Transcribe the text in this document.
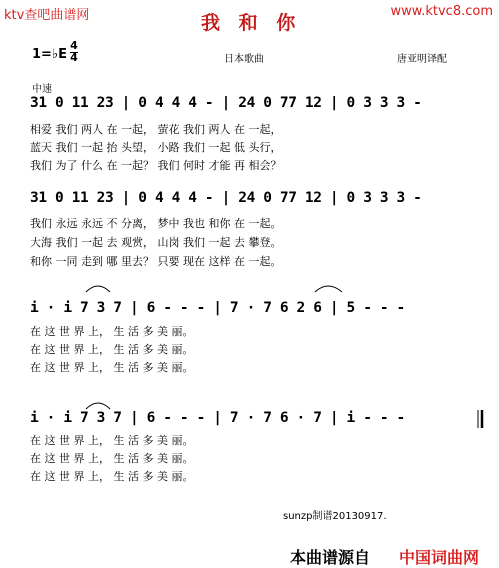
ktv查吧曲谱网	www.ktvc8.com
我 和 你
1=♭E
4
4	日本歌曲	唐亚明译配
中速
31 0 11 23 | 0 4 4 4 - | 24 0 77 12 | 0 3 3 3 -
相爱 我们 两人 在 一起， 萤花 我们 两人 在 一起，
蓝天 我们 一起 抬 头望， 小路 我们 一起 低 头行，
我们 为了 什么 在 一起？ 我们 何时 才能 再 相会？
31 0 11 23 | 0 4 4 4 - | 24 0 77 12 | 0 3 3 3 -
我们 永远 永远 不 分离， 梦中 我也 和你 在 一起。
大海 我们 一起 去 观赏， 山岗 我们 一起 去 攀登。
和你 一同 走到 哪 里去？ 只要 现在 这样 在 一起。
i · i 7 3 7 | 6 - - - | 7 · 7 6 2 6 | 5 - - -
在 这 世 界 上， 生 活 多 美 丽。
在 这 世 界 上， 生 活 多 美 丽。
在 这 世 界 上， 生 活 多 美 丽。
i · i 7 3 7 | 6 - - - | 7 · 7 6 · 7 | i - - -
在 这 世 界 上， 生 活 多 美 丽。
在 这 世 界 上， 生 活 多 美 丽。
在 这 世 界 上， 生 活 多 美 丽。
sunzp制谱20130917.
本曲谱源自 中国词曲网
